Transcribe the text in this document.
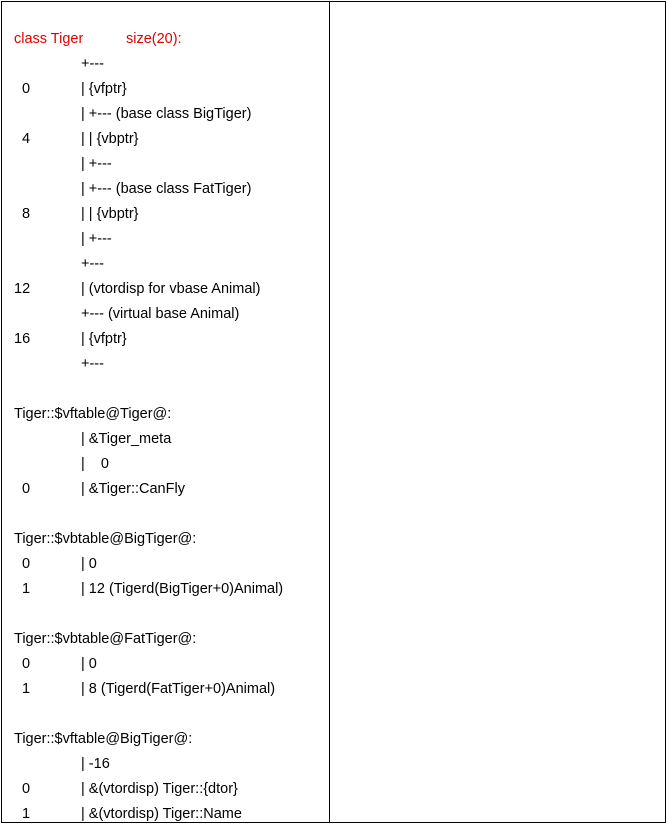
class Tiger	size(20):
+---
0	| {vfptr}
| +--- (base class BigTiger)
4	| | {vbptr}
| +---
| +--- (base class FatTiger)
8	| | {vbptr}
| +---
+---
12	| (vtordisp for vbase Animal)
+--- (virtual base Animal)
16	| {vfptr}
+---
Tiger::$vftable@Tiger@:
| &Tiger_meta
|    0
0	| &Tiger::CanFly
Tiger::$vbtable@BigTiger@:
0	| 0
1	| 12 (Tigerd(BigTiger+0)Animal)
Tiger::$vbtable@FatTiger@:
0	| 0
1	| 8 (Tigerd(FatTiger+0)Animal)
Tiger::$vftable@BigTiger@:
| -16
0	| &(vtordisp) Tiger::{dtor}
1	| &(vtordisp) Tiger::Name
